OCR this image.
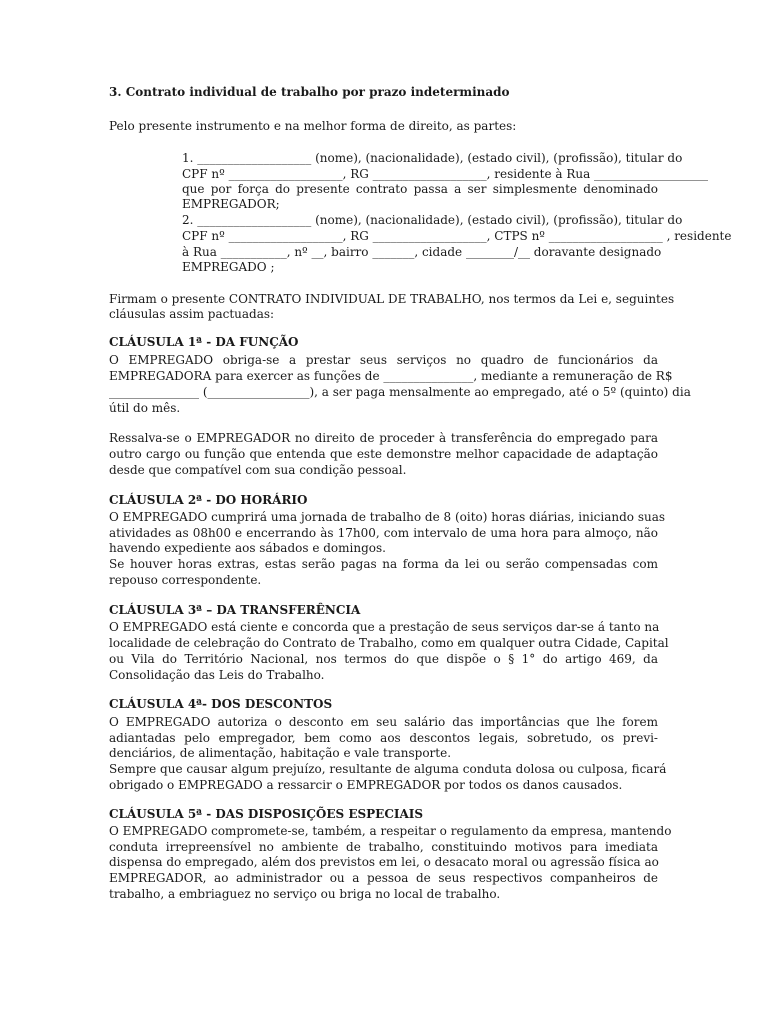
3. Contrato individual de trabalho por prazo indeterminado
Pelo presente instrumento e na melhor forma de direito, as partes:
1. ___________________ (nome), (nacionalidade), (estado civil), (profissão), titular do
CPF nº ___________________, RG ___________________, residente à Rua ___________________
que por força do presente contrato passa a ser simplesmente denominado
EMPREGADOR;
2. ___________________ (nome), (nacionalidade), (estado civil), (profissão), titular do
CPF nº ___________________, RG ___________________, CTPS nº ___________________ , residente
à Rua ___________, nº __, bairro _______, cidade ________/__ doravante designado
EMPREGADO ;
Firmam o presente CONTRATO INDIVIDUAL DE TRABALHO, nos termos da Lei e, seguintes
cláusulas assim pactuadas:
CLÁUSULA 1ª - DA FUNÇÃO
O EMPREGADO obriga-se a prestar seus serviços no quadro de funcionários da
EMPREGADORA para exercer as funções de _______________, mediante a remuneração de R$
_______________ (_________________), a ser paga mensalmente ao empregado, até o 5º (quinto) dia
útil do mês.
Ressalva-se o EMPREGADOR no direito de proceder à transferência do empregado para
outro cargo ou função que entenda que este demonstre melhor capacidade de adaptação
desde que compatível com sua condição pessoal.
CLÁUSULA 2ª - DO HORÁRIO
O EMPREGADO cumprirá uma jornada de trabalho de 8 (oito) horas diárias, iniciando suas
atividades as 08h00 e encerrando às 17h00, com intervalo de uma hora para almoço, não
havendo expediente aos sábados e domingos.
Se houver horas extras, estas serão pagas na forma da lei ou serão compensadas com
repouso correspondente.
CLÁUSULA 3ª – DA TRANSFERÊNCIA
O EMPREGADO está ciente e concorda que a prestação de seus serviços dar-se á tanto na
localidade de celebração do Contrato de Trabalho, como em qualquer outra Cidade, Capital
ou Vila do Território Nacional, nos termos do que dispõe o § 1° do artigo 469, da
Consolidação das Leis do Trabalho.
CLÁUSULA 4ª- DOS DESCONTOS
O EMPREGADO autoriza o desconto em seu salário das importâncias que lhe forem
adiantadas pelo empregador, bem como aos descontos legais, sobretudo, os previ-
denciários, de alimentação, habitação e vale transporte.
Sempre que causar algum prejuízo, resultante de alguma conduta dolosa ou culposa, ficará
obrigado o EMPREGADO a ressarcir o EMPREGADOR por todos os danos causados.
CLÁUSULA 5ª - DAS DISPOSIÇÕES ESPECIAIS
O EMPREGADO compromete-se, também, a respeitar o regulamento da empresa, mantendo
conduta irrepreensível no ambiente de trabalho, constituindo motivos para imediata
dispensa do empregado, além dos previstos em lei, o desacato moral ou agressão física ao
EMPREGADOR, ao administrador ou a pessoa de seus respectivos companheiros de
trabalho, a embriaguez no serviço ou briga no local de trabalho.
